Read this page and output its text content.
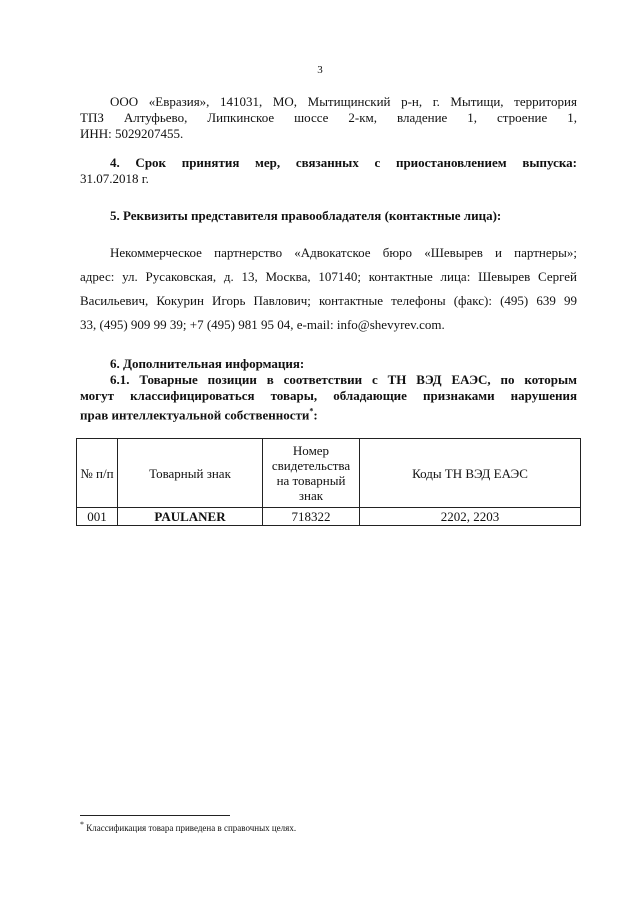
3
ООО «Евразия», 141031, МО, Мытищинский р-н, г. Мытищи, территория
ТПЗ Алтуфьево, Липкинское шоссе 2-км, владение 1, строение 1,
ИНН: 5029207455.
4. Срок принятия мер, связанных с приостановлением выпуска:
31.07.2018 г.
5. Реквизиты представителя правообладателя (контактные лица):
Некоммерческое партнерство «Адвокатское бюро «Шевырев и партнеры»;
адрес: ул. Русаковская, д. 13, Москва, 107140; контактные лица: Шевырев Сергей
Васильевич, Кокурин Игорь Павлович; контактные телефоны (факс): (495) 639 99
33, (495) 909 99 39; +7 (495) 981 95 04, e-mail: info@shevyrev.com.
6. Дополнительная информация:
6.1. Товарные позиции в соответствии с ТН ВЭД ЕАЭС, по которым
могут классифицироваться товары, обладающие признаками нарушения
прав интеллектуальной собственности*:
№ п/п	Товарный знак	Номер свидетельства на товарный знак	Коды ТН ВЭД ЕАЭС
001	PAULANER	718322	2202, 2203
* Классификация товара приведена в справочных целях.
